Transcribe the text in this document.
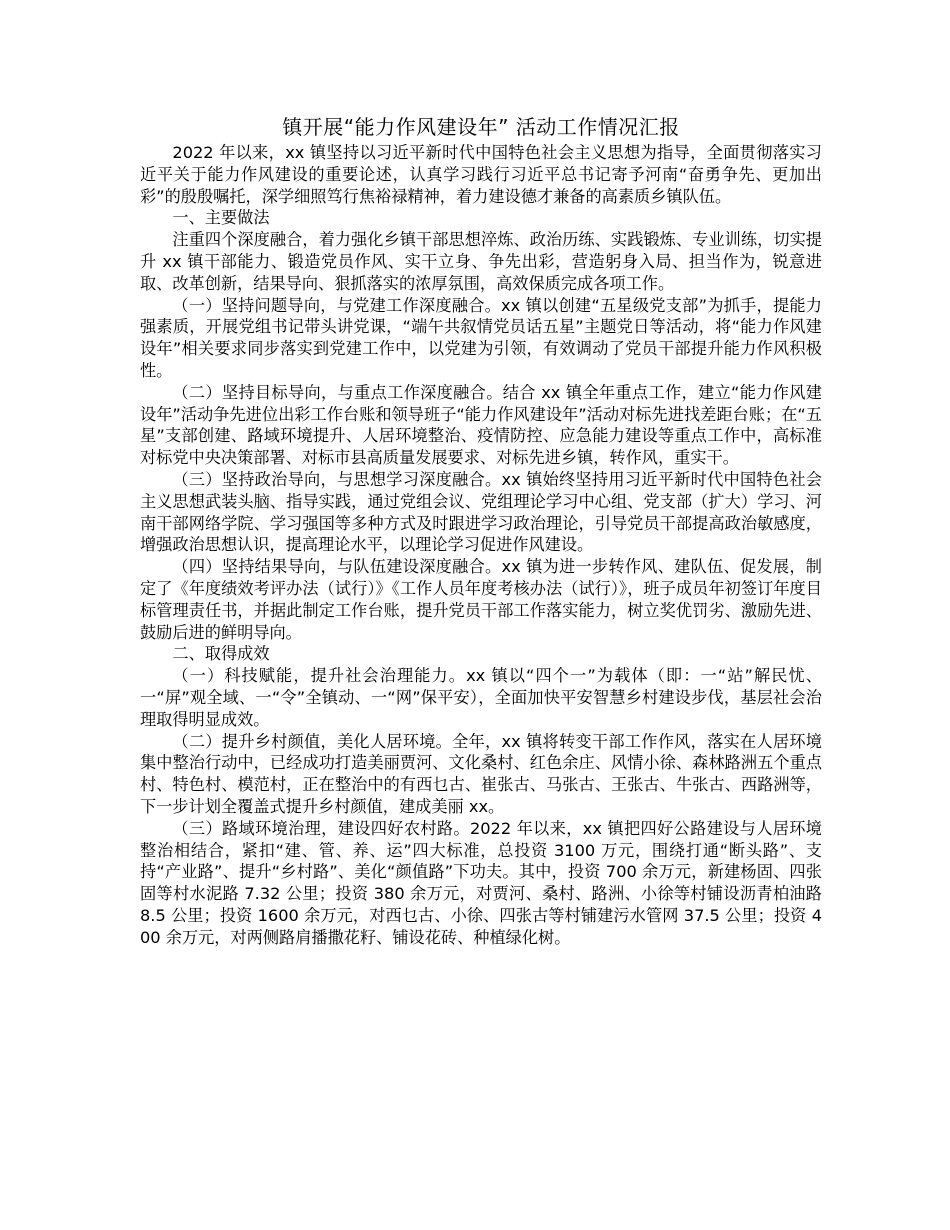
镇开展“能力作风建设年” 活动工作情况汇报

2022 年以来，xx 镇坚持以习近平新时代中国特色社会主义思想为指导，全面贯彻落实习近平关于能力作风建设的重要论述，认真学习践行习近平总书记寄予河南“奋勇争先、更加出彩”的殷殷嘱托，深学细照笃行焦裕禄精神，着力建设德才兼备的高素质乡镇队伍。

一、主要做法

注重四个深度融合，着力强化乡镇干部思想淬炼、政治历练、实践锻炼、专业训练，切实提升 xx 镇干部能力、锻造党员作风、实干立身、争先出彩，营造躬身入局、担当作为，锐意进取、改革创新，结果导向、狠抓落实的浓厚氛围，高效保质完成各项工作。

（一）坚持问题导向，与党建工作深度融合。xx 镇以创建“五星级党支部”为抓手，提能力强素质，开展党组书记带头讲党课，“端午共叙情党员话五星”主题党日等活动，将“能力作风建设年”相关要求同步落实到党建工作中，以党建为引领，有效调动了党员干部提升能力作风积极性。

（二）坚持目标导向，与重点工作深度融合。结合 xx 镇全年重点工作，建立“能力作风建设年”活动争先进位出彩工作台账和领导班子“能力作风建设年”活动对标先进找差距台账；在“五星”支部创建、路域环境提升、人居环境整治、疫情防控、应急能力建设等重点工作中，高标准对标党中央决策部署、对标市县高质量发展要求、对标先进乡镇，转作风，重实干。

（三）坚持政治导向，与思想学习深度融合。xx 镇始终坚持用习近平新时代中国特色社会主义思想武装头脑、指导实践，通过党组会议、党组理论学习中心组、党支部（扩大）学习、河南干部网络学院、学习强国等多种方式及时跟进学习政治理论，引导党员干部提高政治敏感度，增强政治思想认识，提高理论水平，以理论学习促进作风建设。

（四）坚持结果导向，与队伍建设深度融合。xx 镇为进一步转作风、建队伍、促发展，制定了《年度绩效考评办法（试行）》《工作人员年度考核办法（试行）》，班子成员年初签订年度目标管理责任书，并据此制定工作台账，提升党员干部工作落实能力，树立奖优罚劣、激励先进、鼓励后进的鲜明导向。

二、取得成效

（一）科技赋能，提升社会治理能力。xx 镇以“四个一”为载体（即：一“站”解民忧、一“屏”观全域、一“令”全镇动、一“网”保平安），全面加快平安智慧乡村建设步伐，基层社会治理取得明显成效。

（二）提升乡村颜值，美化人居环境。全年，xx 镇将转变干部工作作风，落实在人居环境集中整治行动中，已经成功打造美丽贾河、文化桑村、红色余庄、风情小徐、森林路洲五个重点村、特色村、模范村，正在整治中的有西乜古、崔张古、马张古、王张古、牛张古、西路洲等，下一步计划全覆盖式提升乡村颜值，建成美丽 xx。

（三）路域环境治理，建设四好农村路。2022 年以来，xx 镇把四好公路建设与人居环境整治相结合，紧扣“建、管、养、运”四大标准，总投资 3100 万元，围绕打通“断头路”、支持“产业路”、提升“乡村路”、美化“颜值路”下功夫。其中，投资 700 余万元，新建杨固、四张固等村水泥路 7.32 公里；投资 380 余万元，对贾河、桑村、路洲、小徐等村铺设沥青柏油路 8.5 公里；投资 1600 余万元，对西乜古、小徐、四张古等村铺建污水管网 37.5 公里；投资 400 余万元，对两侧路肩播撒花籽、铺设花砖、种植绿化树。
